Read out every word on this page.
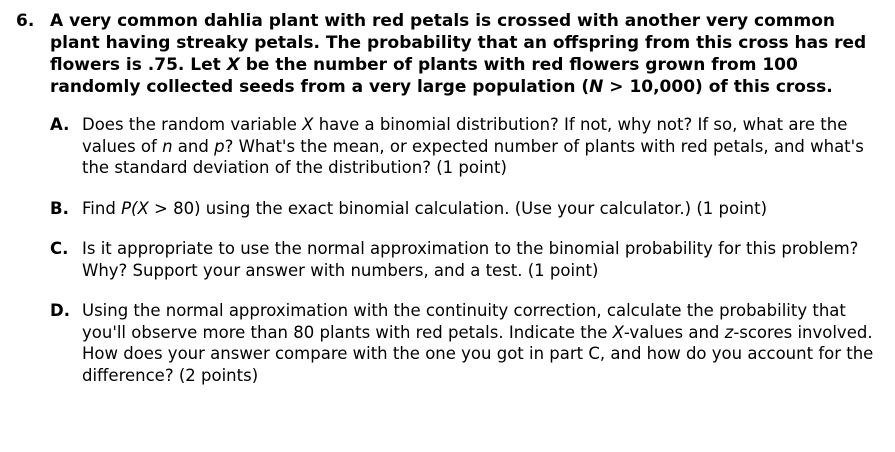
6. A very common dahlia plant with red petals is crossed with another very common plant having streaky petals. The probability that an offspring from this cross has red flowers is .75. Let X be the number of plants with red flowers grown from 100 randomly collected seeds from a very large population (N > 10,000) of this cross.
A. Does the random variable X have a binomial distribution? If not, why not? If so, what are the values of n and p? What's the mean, or expected number of plants with red petals, and what's the standard deviation of the distribution? (1 point)
B. Find P(X > 80) using the exact binomial calculation. (Use your calculator.) (1 point)
C. Is it appropriate to use the normal approximation to the binomial probability for this problem? Why? Support your answer with numbers, and a test. (1 point)
D. Using the normal approximation with the continuity correction, calculate the probability that you'll observe more than 80 plants with red petals. Indicate the X-values and z-scores involved. How does your answer compare with the one you got in part C, and how do you account for the difference? (2 points)
